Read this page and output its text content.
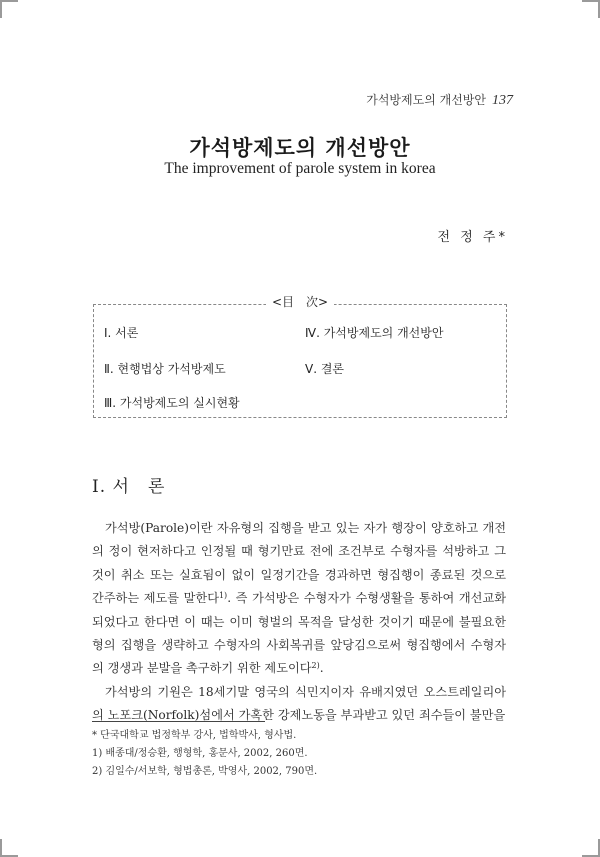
가석방제도의 개선방안 137
가석방제도의 개선방안
The improvement of parole system in korea
전 정 주*
<目　次>
Ⅰ. 서론
Ⅱ. 현행법상 가석방제도
Ⅲ. 가석방제도의 실시현황
Ⅳ. 가석방제도의 개선방안
Ⅴ. 결론
Ⅰ. 서　론

가석방(Parole)이란 자유형의 집행을 받고 있는 자가 행장이 양호하고 개전의 정이 현저하다고 인정될 때 형기만료 전에 조건부로 수형자를 석방하고 그것이 취소 또는 실효됨이 없이 일정기간을 경과하면 형집행이 종료된 것으로 간주하는 제도를 말한다$^{1)}$. 즉 가석방은 수형자가 수형생활을 통하여 개선교화 되었다고 한다면 이 때는 이미 형벌의 목적을 달성한 것이기 때문에 불필요한 형의 집행을 생략하고 수형자의 사회복귀를 앞당김으로써 형집행에서 수형자의 갱생과 분발을 촉구하기 위한 제도이다$^{2)}$.

가석방의 기원은 18세기말 영국의 식민지이자 유배지였던 오스트레일리아의 노포크(Norfolk)섬에서 가혹한 강제노동을 부과받고 있던 죄수들이 불만을

* 단국대학교 법정학부 강사, 법학박사, 형사법.
1) 배종대/정승환, 행형학, 홍문사, 2002, 260면.
2) 김일수/서보학, 형법총론, 박영사, 2002, 790면.
